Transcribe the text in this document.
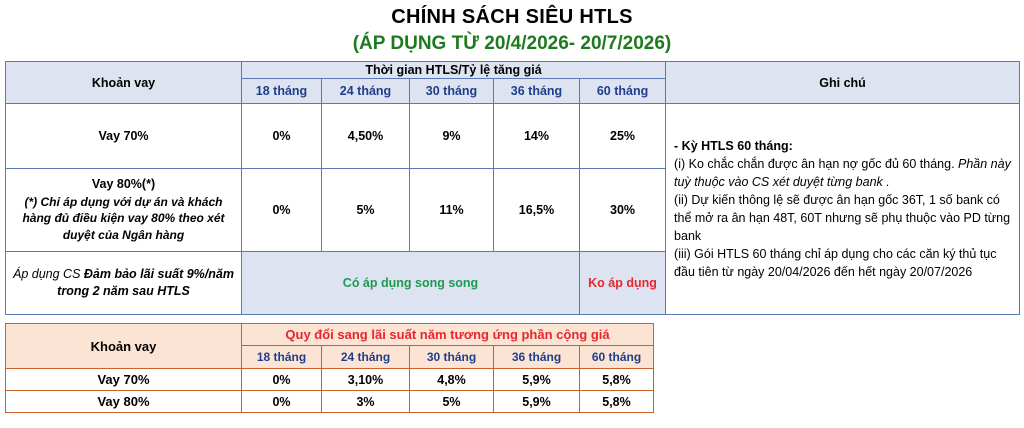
CHÍNH SÁCH SIÊU HTLS
(ÁP DỤNG TỪ 20/4/2026- 20/7/2026)
Khoản vay	Thời gian HTLS/Tỷ lệ tăng giá					Ghi chú
	18 tháng	24 tháng	30 tháng	36 tháng	60 tháng	
Vay 70%	0%	4,50%	9%	14%	25%	- Kỳ HTLS 60 tháng:
(i) Ko chắc chắn được ân hạn nợ gốc đủ 60 tháng. Phần này tuỳ thuộc vào CS xét duyệt từng bank .
(ii) Dự kiến thông lệ sẽ được ân hạn gốc 36T, 1 số bank có thể mở ra ân hạn 48T, 60T nhưng sẽ phụ thuộc vào PD từng bank
(iii) Gói HTLS 60 tháng chỉ áp dụng cho các căn ký thủ tục đầu tiên từ ngày 20/04/2026 đến hết ngày 20/07/2026

Vay 80%(*)
(*) Chỉ áp dụng với dự án và khách hàng đủ điều kiện vay 80% theo xét duyệt của Ngân hàng	0%	5%	11%	16,5%	30%	
Áp dụng CS Đảm bảo lãi suất 9%/năm trong 2 năm sau HTLS	Có áp dụng song song				Ko áp dụng	
Khoản vay	Quy đổi sang lãi suất năm tương ứng phần cộng giá				
	18 tháng	24 tháng	30 tháng	36 tháng	60 tháng
Vay 70%	0%	3,10%	4,8%	5,9%	5,8%
Vay 80%	0%	3%	5%	5,9%	5,8%
